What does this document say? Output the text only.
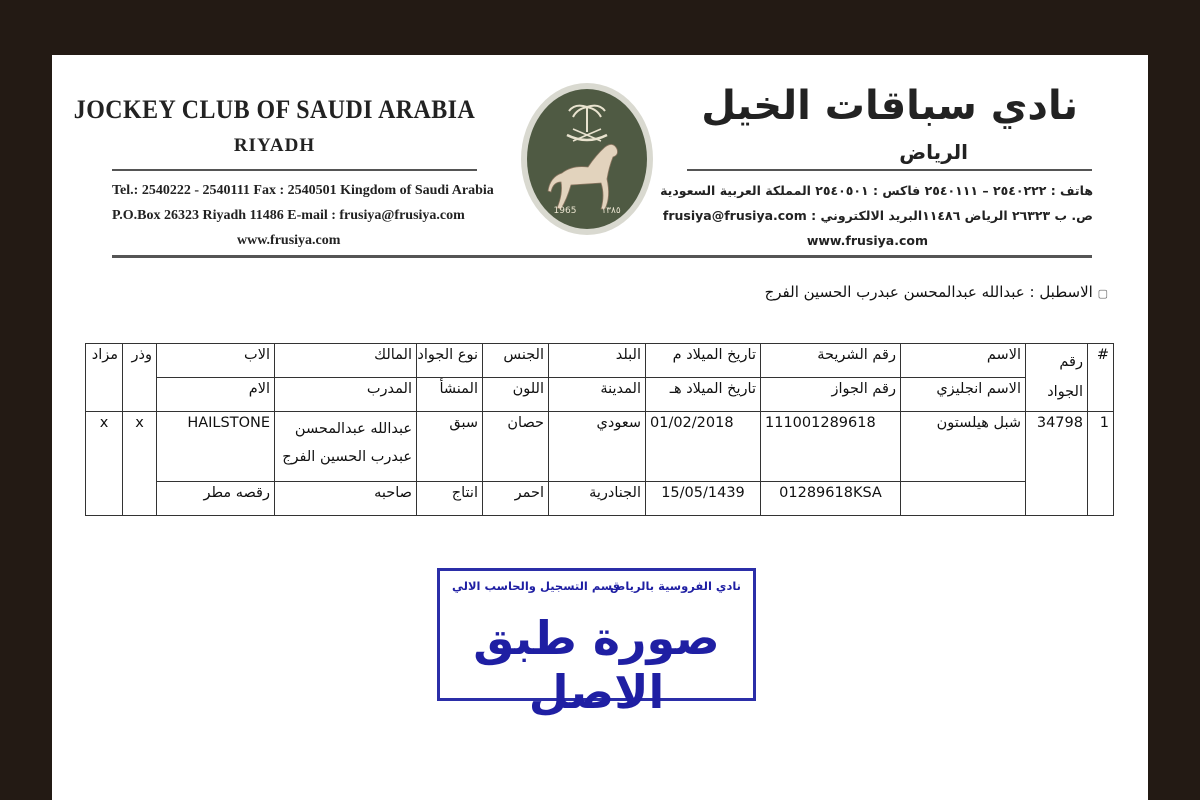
JOCKEY CLUB OF SAUDI ARABIA
RIYADH
Tel.: 2540222 - 2540111 Fax : 2540501 Kingdom of Saudi Arabia
P.O.Box 26323 Riyadh 11486 E-mail : frusiya@frusiya.com
www.frusiya.com
1965	١٣٨٥
نادي سباقات الخيل
الرياض
هاتف : ٢٥٤٠٢٢٢ – ٢٥٤٠١١١ فاكس : ٢٥٤٠٥٠١ المملكة العربية السعودية
ص. ب ٢٦٣٢٣ الرياض ١١٤٨٦البريد الالكتروني : frusiya@frusiya.com
www.frusiya.com
▢ الاسطبل : عبدالله عبدالمحسن عبدرب الحسين الفرج
#	رقم الجواد	الاسم	رقم الشريحة	تاريخ الميلاد م	البلد	الجنس	نوع الجواد	المالك	الاب	وذر	مزاد
		الاسم انجليزي	رقم الجواز	تاريخ الميلاد هـ	المدينة	اللون	المنشأ	المدرب	الام		
1	34798	شبل هيلستون	111001289618	01/02/2018	سعودي	حصان	سبق	عبدالله عبدالمحسن عبدرب الحسين الفرج	HAILSTONE	x	x
			01289618KSA	15/05/1439	الجنادرية	احمر	انتاج	صاحبه	رقصه مطر		
نادي الفروسية بالرياض
قسم التسجيل والحاسب الالي
صورة طبق الاصل
